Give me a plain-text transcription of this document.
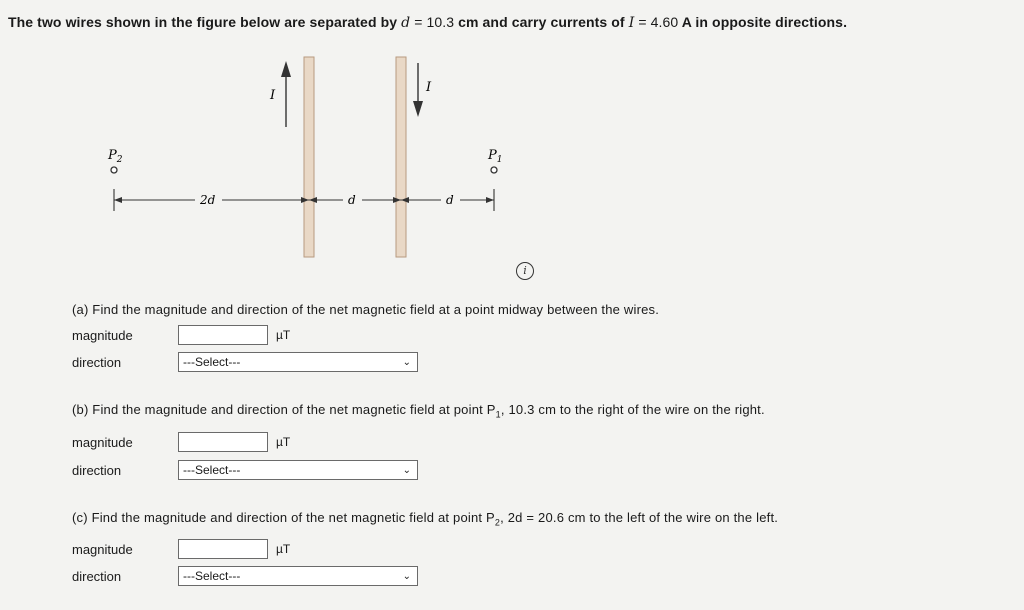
The two wires shown in the figure below are separated by d = 10.3 cm and carry currents of I = 4.60 A in opposite directions.
I
I
$P_2$	$P_1$
2d	d	d
i
(a) Find the magnitude and direction of the net magnetic field at a point midway between the wires.
magnitude	µT
direction	---Select---	⌄
(b) Find the magnitude and direction of the net magnetic field at point $P_1$, 10.3 cm to the right of the wire on the right.
magnitude	µT
direction	---Select---	⌄
(c) Find the magnitude and direction of the net magnetic field at point $P_2$, 2d = 20.6 cm to the left of the wire on the left.
magnitude	µT
direction	---Select---	⌄
